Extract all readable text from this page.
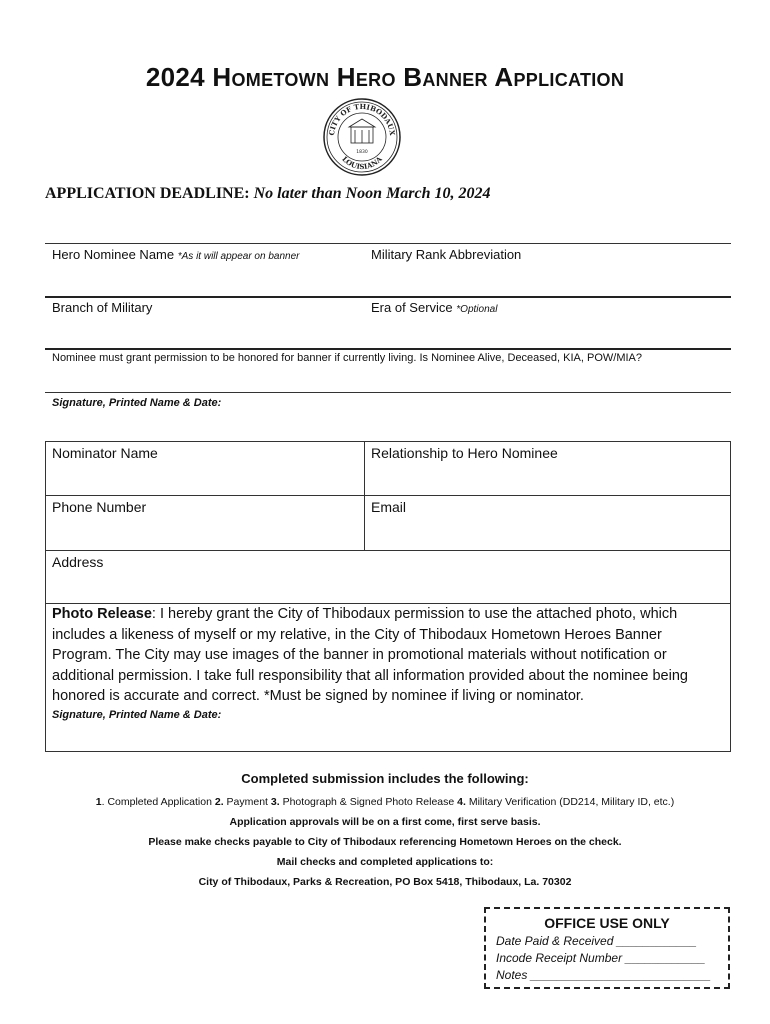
2024 Hometown Hero Banner Application
CITY OF THIBODAUX
LOUISIANA
1830
APPLICATION DEADLINE: No later than Noon March 10, 2024
Hero Nominee Name *As it will appear on banner	Military Rank Abbreviation
Branch of Military	Era of Service *Optional
Nominee must grant permission to be honored for banner if currently living. Is Nominee Alive, Deceased, KIA, POW/MIA?
Signature, Printed Name & Date:
Nominator Name	Relationship to Hero Nominee
Phone Number	Email
Address
Photo Release: I hereby grant the City of Thibodaux permission to use the attached photo, which includes a likeness of myself or my relative, in the City of Thibodaux Hometown Heroes Banner Program. The City may use images of the banner in promotional materials without notification or additional permission. I take full responsibility that all information provided about the nominee being honored is accurate and correct. *Must be signed by nominee if living or nominator.
Signature, Printed Name & Date:
Completed submission includes the following:
1. Completed Application 2. Payment 3. Photograph & Signed Photo Release 4. Military Verification (DD214, Military ID, etc.)
Application approvals will be on a first come, first serve basis.
Please make checks payable to City of Thibodaux referencing Hometown Heroes on the check.
Mail checks and completed applications to:
City of Thibodaux, Parks & Recreation, PO Box 5418, Thibodaux, La. 70302
OFFICE USE ONLY
Date Paid & Received ____________
Incode Receipt Number ____________
Notes ___________________________
